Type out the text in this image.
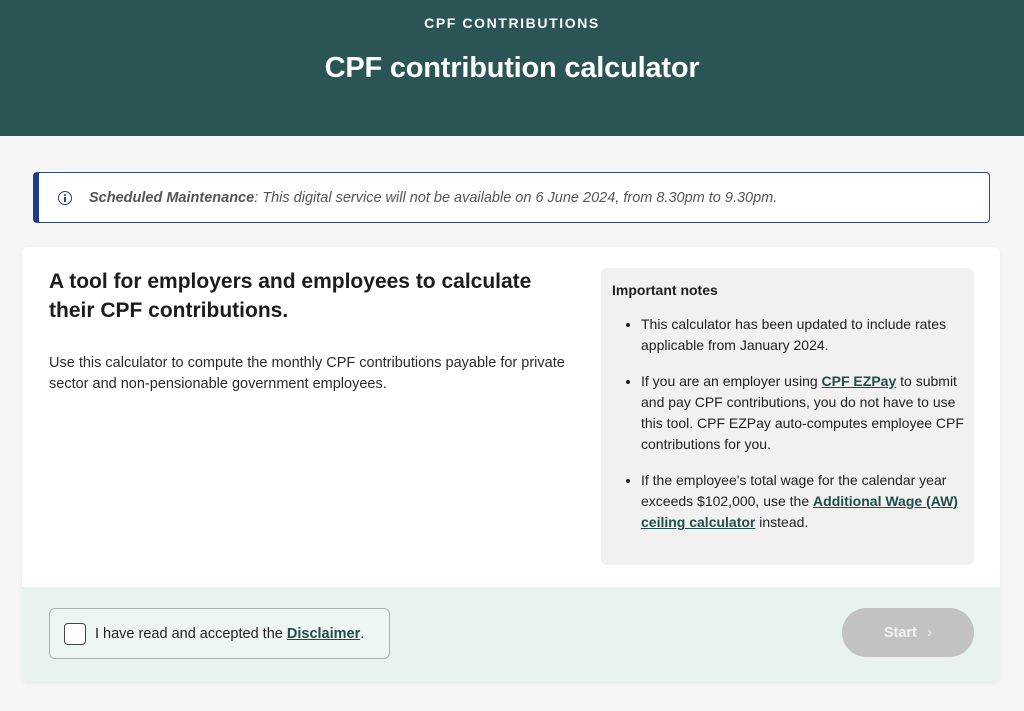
CPF CONTRIBUTIONS
CPF contribution calculator
Scheduled Maintenance: This digital service will not be available on 6 June 2024, from 8.30pm to 9.30pm.
A tool for employers and employees to calculate their CPF contributions.
Use this calculator to compute the monthly CPF contributions payable for private sector and non-pensionable government employees.
Important notes
• This calculator has been updated to include rates applicable from January 2024.
• If you are an employer using CPF EZPay to submit and pay CPF contributions, you do not have to use this tool. CPF EZPay auto-computes employee CPF contributions for you.
• If the employee's total wage for the calendar year exceeds $102,000, use the Additional Wage (AW) ceiling calculator instead.
I have read and accepted the Disclaimer.	Start ›
